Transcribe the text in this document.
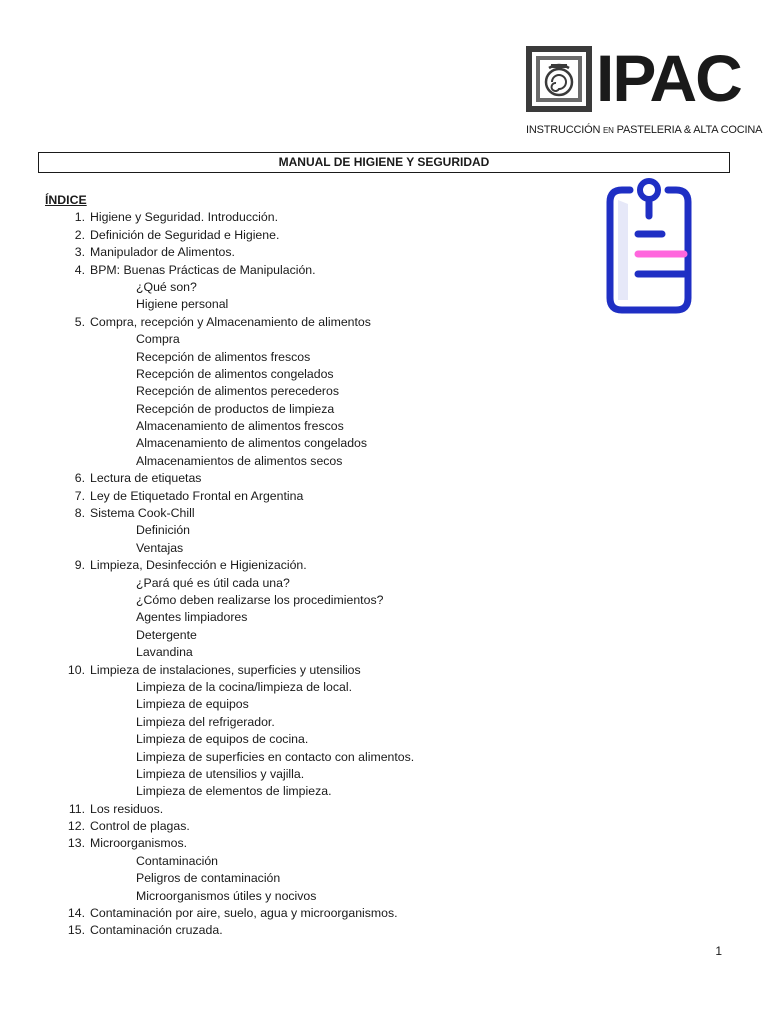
IPAC
INSTRUCCIÓN EN PASTELERIA & ALTA COCINA
MANUAL DE HIGIENE Y SEGURIDAD
ÍNDICE
1. Higiene y Seguridad. Introducción.
2. Definición de Seguridad e Higiene.
3. Manipulador de Alimentos.
4. BPM: Buenas Prácticas de Manipulación.
¿Qué son?
Higiene personal
5. Compra, recepción y Almacenamiento de alimentos
Compra
Recepción de alimentos frescos
Recepción de alimentos congelados
Recepción de alimentos perecederos
Recepción de productos de limpieza
Almacenamiento de alimentos frescos
Almacenamiento de alimentos congelados
Almacenamientos de alimentos secos
6. Lectura de etiquetas
7. Ley de Etiquetado Frontal en Argentina
8. Sistema Cook-Chill
Definición
Ventajas
9. Limpieza, Desinfección e Higienización.
¿Pará qué es útil cada una?
¿Cómo deben realizarse los procedimientos?
Agentes limpiadores
Detergente
Lavandina
10. Limpieza de instalaciones, superficies y utensilios
Limpieza de la cocina/limpieza de local.
Limpieza de equipos
Limpieza del refrigerador.
Limpieza de equipos de cocina.
Limpieza de superficies en contacto con alimentos.
Limpieza de utensilios y vajilla.
Limpieza de elementos de limpieza.
11. Los residuos.
12. Control de plagas.
13. Microorganismos.
Contaminación
Peligros de contaminación
Microorganismos útiles y nocivos
14. Contaminación por aire, suelo, agua y microorganismos.
15. Contaminación cruzada.
1
